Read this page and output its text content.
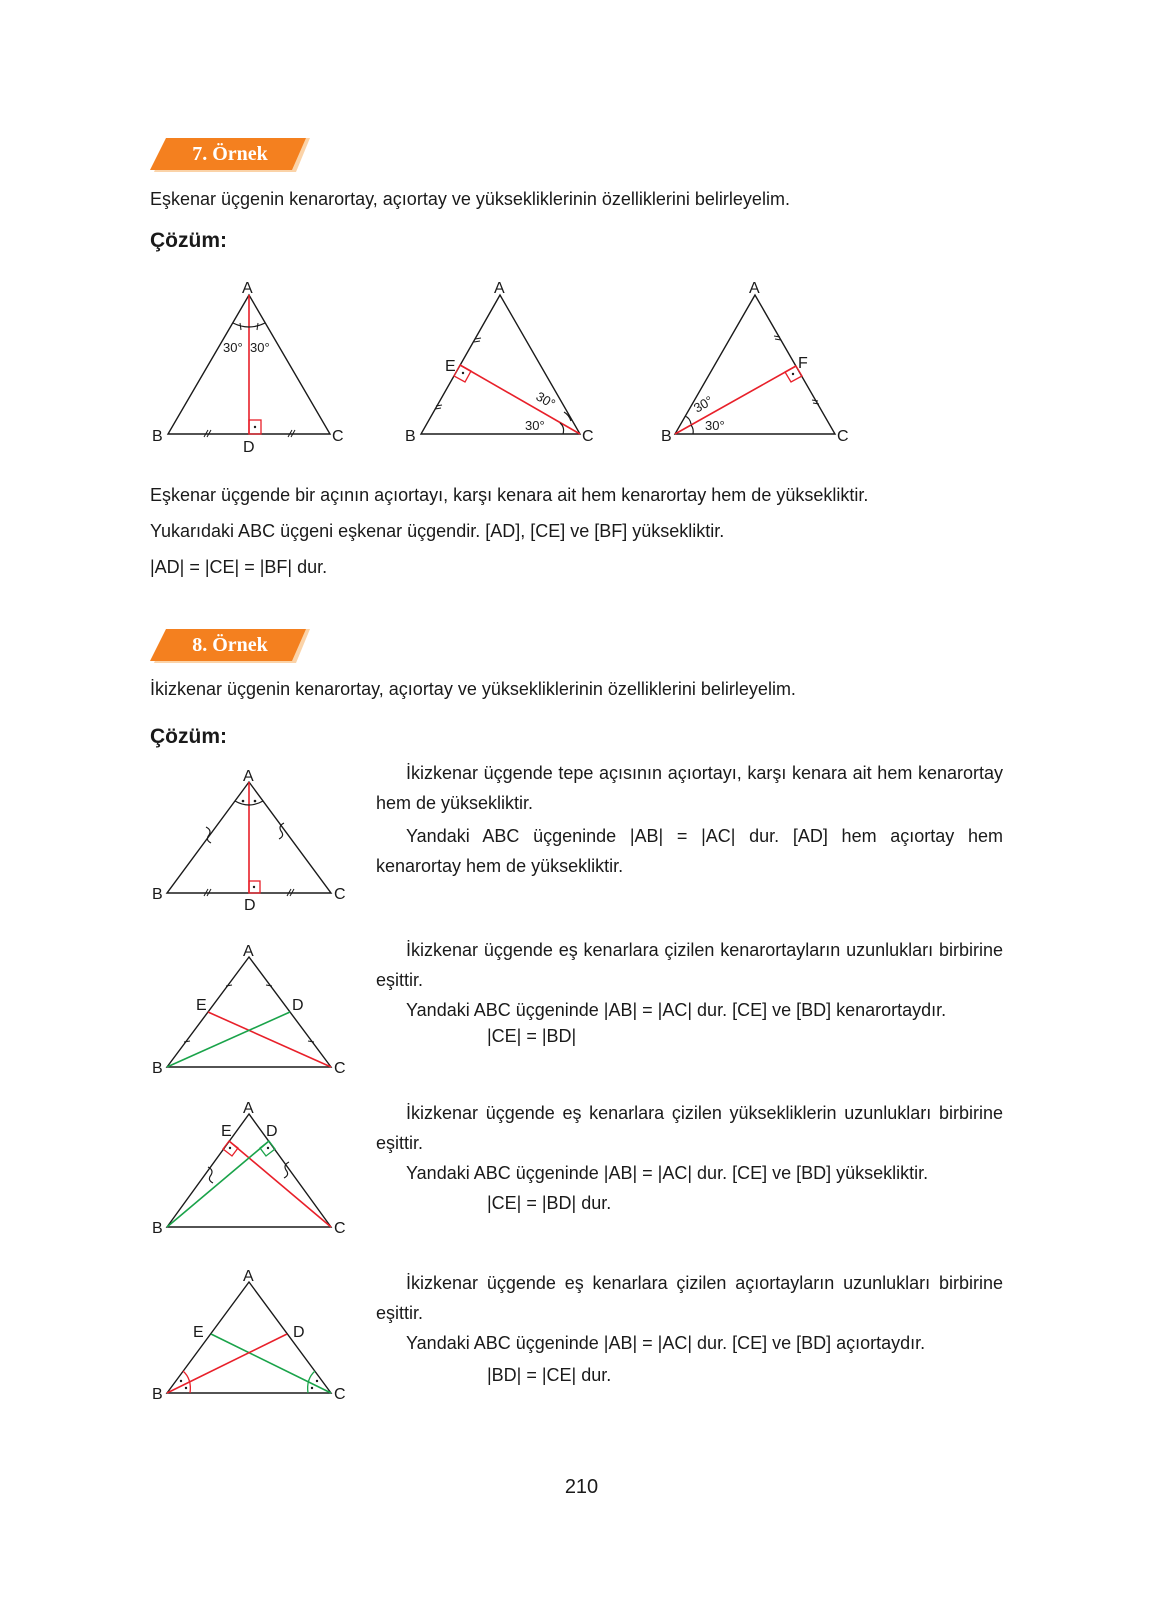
7. Örnek
Eşkenar üçgenin kenarortay, açıortay ve yüksekliklerinin özelliklerini belirleyelim.
Çözüm:
30° 30°
A
B	C
D
30°
30°
A
B	C
E
30°
30°
A
B	C
F
Eşkenar üçgende bir açının açıortayı, karşı kenara ait hem kenarortay hem de yüksekliktir.
Yukarıdaki ABC üçgeni eşkenar üçgendir. [AD], [CE] ve [BF] yüksekliktir.
|AD| = |CE| = |BF| dur.
8. Örnek
İkizkenar üçgenin kenarortay, açıortay ve yüksekliklerinin özelliklerini belirleyelim.
Çözüm:
A
B	C
D

İkizkenar üçgende tepe açısının açıortayı, karşı kenara ait hem kenarortay hem de yüksekliktir.

Yandaki ABC üçgeninde |AB| = |AC| dur. [AD] hem açıortay hem kenarortay hem de yüksekliktir.

A
B	C
E	D

İkizkenar üçgende eş kenarlara çizilen kenarortayların uzunlukları birbirine eşittir.

Yandaki ABC üçgeninde |AB| = |AC| dur. [CE] ve [BD] kenarortaydır.

|CE| = |BD|
A
B	C
E D

İkizkenar üçgende eş kenarlara çizilen yüksekliklerin uzunlukları birbirine eşittir.

Yandaki ABC üçgeninde |AB| = |AC| dur. [CE] ve [BD] yüksekliktir.

|CE| = |BD| dur.
A
B	C
E	D

İkizkenar üçgende eş kenarlara çizilen açıortayların uzunlukları birbirine eşittir.

Yandaki ABC üçgeninde |AB| = |AC| dur. [CE] ve [BD] açıortaydır.

|BD| = |CE| dur.
210
